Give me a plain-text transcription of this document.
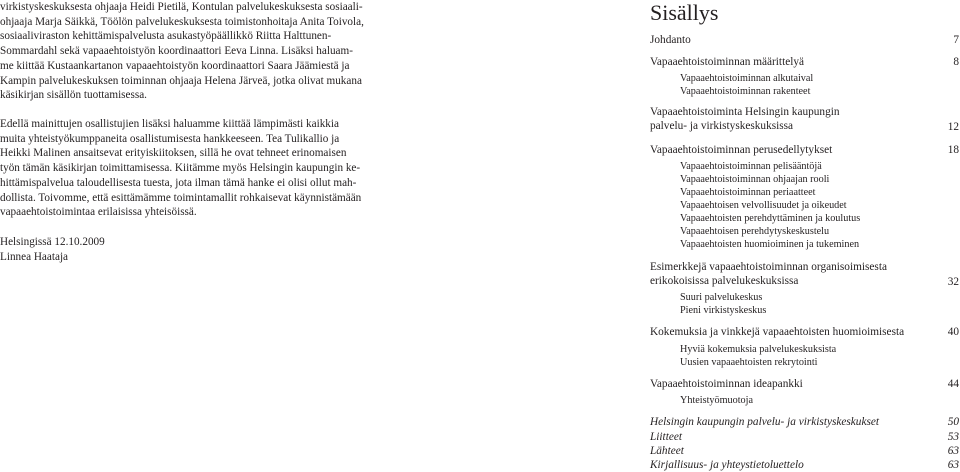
virkistyskeskuksesta ohjaaja Heidi Pietilä, Kontulan palvelukeskuksesta sosiaali-
ohjaaja Marja Säikkä, Töölön palvelukeskuksesta toimistonhoitaja Anita Toivola,
sosiaaliviraston kehittämispalvelusta asukastyöpäällikkö Riitta Halttunen-
Sommardahl sekä vapaaehtoistyön koordinaattori Eeva Linna. Lisäksi haluam-
me kiittää Kustaankartanon vapaaehtoistyön koordinaattori Saara Jäämiestä ja
Kampin palvelukeskuksen toiminnan ohjaaja Helena Järveä, jotka olivat mukana
käsikirjan sisällön tuottamisessa.

Edellä mainittujen osallistujien lisäksi haluamme kiittää lämpimästi kaikkia
muita yhteistyökumppaneita osallistumisesta hankkeeseen. Tea Tulikallio ja
Heikki Malinen ansaitsevat erityiskiitoksen, sillä he ovat tehneet erinomaisen
työn tämän käsikirjan toimittamisessa. Kiitämme myös Helsingin kaupungin ke-
hittämispalvelua taloudellisesta tuesta, jota ilman tämä hanke ei olisi ollut mah-
dollista. Toivomme, että esittämämme toimintamallit rohkaisevat käynnistämään
vapaaehtoistoimintaa erilaisissa yhteisöissä.

Helsingissä 12.10.2009
Linnea Haataja

Sisällys
Johdanto	7
Vapaaehtoistoiminnan määrittelyä	8
Vapaaehtoistoiminnan alkutaival
Vapaaehtoistoiminnan rakenteet
Vapaaehtoistoiminta Helsingin kaupungin
palvelu- ja virkistyskeskuksissa	12
Vapaaehtoistoiminnan perusedellytykset	18
Vapaaehtoistoiminnan pelisääntöjä
Vapaaehtoistoiminnan ohjaajan rooli
Vapaaehtoistoiminnan periaatteet
Vapaaehtoisen velvollisuudet ja oikeudet
Vapaaehtoisten perehdyttäminen ja koulutus
Vapaaehtoisen perehdytyskeskustelu
Vapaaehtoisten huomioiminen ja tukeminen
Esimerkkejä vapaaehtoistoiminnan organisoimisesta
erikokoisissa palvelukeskuksissa	32
Suuri palvelukeskus
Pieni virkistyskeskus
Kokemuksia ja vinkkejä vapaaehtoisten huomioimisesta	40
Hyviä kokemuksia palvelukeskuksista
Uusien vapaaehtoisten rekrytointi
Vapaaehtoistoiminnan ideapankki	44
Yhteistyömuotoja
Helsingin kaupungin palvelu- ja virkistyskeskukset	50
Liitteet	53
Lähteet	63
Kirjallisuus- ja yhteystietoluettelo	63
